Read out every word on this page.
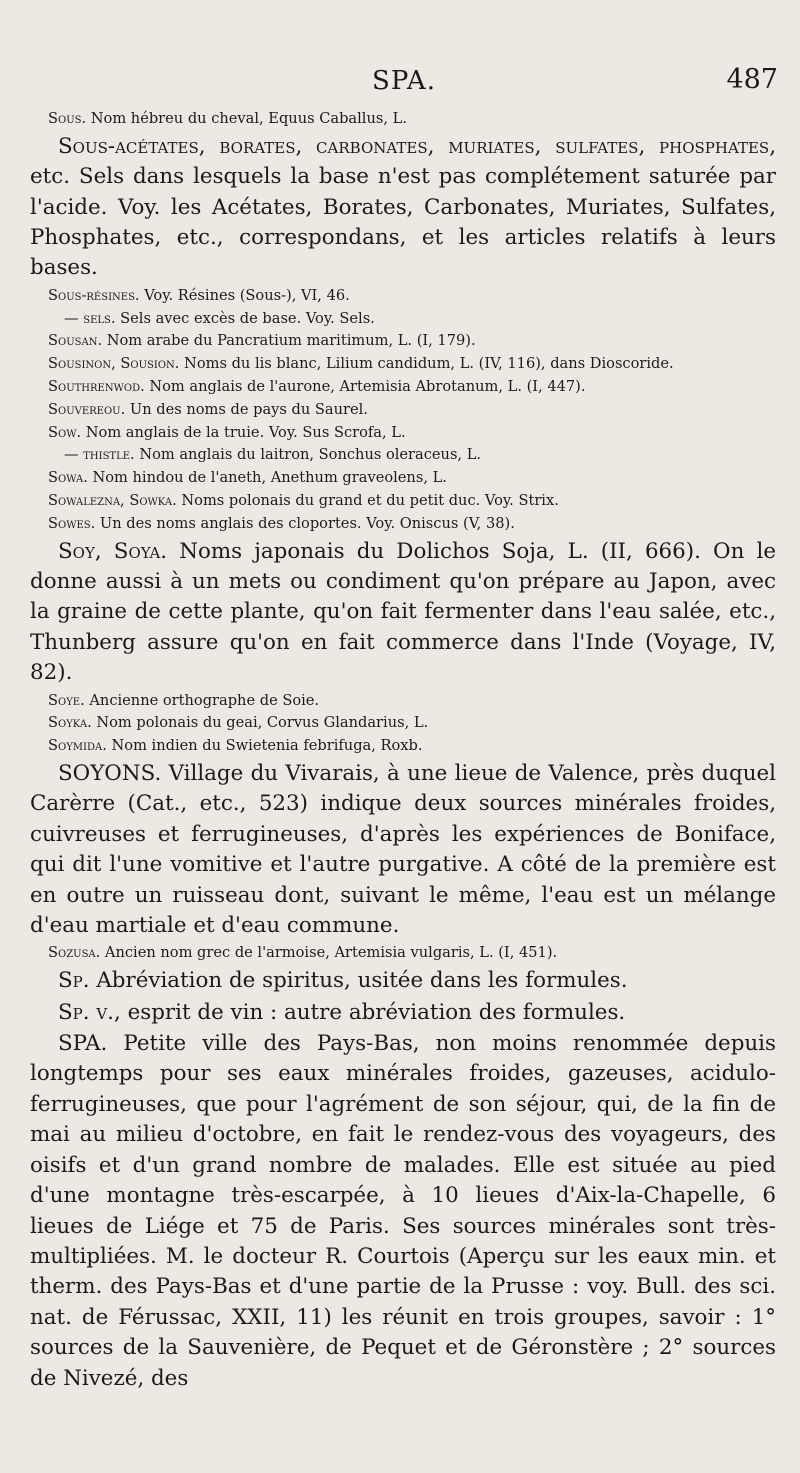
SPA.	487
Sous. Nom hébreu du cheval, Equus Caballus, L.
Sous-acétates, borates, carbonates, muriates, sulfates, phosphates, etc. Sels dans lesquels la base n'est pas complétement saturée par l'acide. Voy. les Acétates, Borates, Carbonates, Muriates, Sulfates, Phosphates, etc., correspondans, et les articles relatifs à leurs bases.
Sous-résines. Voy. Résines (Sous-), VI, 46.
— sels. Sels avec excès de base. Voy. Sels.
Sousan. Nom arabe du Pancratium maritimum, L. (I, 179).
Sousinon, Sousion. Noms du lis blanc, Lilium candidum, L. (IV, 116), dans Dioscoride.
Southrenwod. Nom anglais de l'aurone, Artemisia Abrotanum, L. (I, 447).
Souvereou. Un des noms de pays du Saurel.
Sow. Nom anglais de la truie. Voy. Sus Scrofa, L.
— thistle. Nom anglais du laitron, Sonchus oleraceus, L.
Sowa. Nom hindou de l'aneth, Anethum graveolens, L.
Sowalezna, Sowka. Noms polonais du grand et du petit duc. Voy. Strix.
Sowes. Un des noms anglais des cloportes. Voy. Oniscus (V, 38).
Soy, Soya. Noms japonais du Dolichos Soja, L. (II, 666). On le donne aussi à un mets ou condiment qu'on prépare au Japon, avec la graine de cette plante, qu'on fait fermenter dans l'eau salée, etc., Thunberg assure qu'on en fait commerce dans l'Inde (Voyage, IV, 82).
Soye. Ancienne orthographe de Soie.
Soyka. Nom polonais du geai, Corvus Glandarius, L.
Soymida. Nom indien du Swietenia febrifuga, Roxb.
SOYONS. Village du Vivarais, à une lieue de Valence, près duquel Carèrre (Cat., etc., 523) indique deux sources minérales froides, cuivreuses et ferrugineuses, d'après les expériences de Boniface, qui dit l'une vomitive et l'autre purgative. A côté de la première est en outre un ruisseau dont, suivant le même, l'eau est un mélange d'eau martiale et d'eau commune.
Sozusa. Ancien nom grec de l'armoise, Artemisia vulgaris, L. (I, 451).
Sp. Abréviation de spiritus, usitée dans les formules.
Sp. v., esprit de vin : autre abréviation des formules.
SPA. Petite ville des Pays-Bas, non moins renommée depuis longtemps pour ses eaux minérales froides, gazeuses, acidulo-ferrugineuses, que pour l'agrément de son séjour, qui, de la fin de mai au milieu d'octobre, en fait le rendez-vous des voyageurs, des oisifs et d'un grand nombre de malades. Elle est située au pied d'une montagne très-escarpée, à 10 lieues d'Aix-la-Chapelle, 6 lieues de Liége et 75 de Paris. Ses sources minérales sont très-multipliées. M. le docteur R. Courtois (Aperçu sur les eaux min. et therm. des Pays-Bas et d'une partie de la Prusse : voy. Bull. des sci. nat. de Férussac, XXII, 11) les réunit en trois groupes, savoir : 1° sources de la Sauvenière, de Pequet et de Géronstère ; 2° sources de Nivezé, des
